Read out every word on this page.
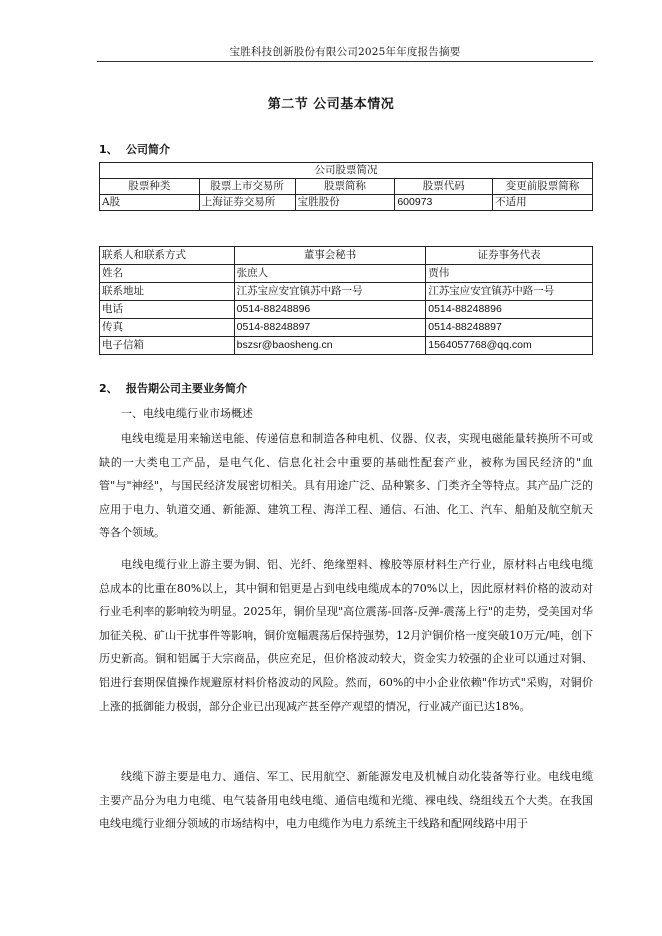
宝胜科技创新股份有限公司2025年年度报告摘要
第二节 公司基本情况
1、 公司简介
公司股票简况				
股票种类	股票上市交易所	股票简称	股票代码	变更前股票简称
A股	上海证券交易所	宝胜股份	600973	不适用
联系人和联系方式	董事会秘书	证券事务代表
姓名	张庶人	贾伟
联系地址	江苏宝应安宜镇苏中路一号	江苏宝应安宜镇苏中路一号
电话	0514-88248896	0514-88248896
传真	0514-88248897	0514-88248897
电子信箱	bszsr@baosheng.cn	1564057768@qq.com
2、 报告期公司主要业务简介
一、电线电缆行业市场概述
电线电缆是用来输送电能、传递信息和制造各种电机、仪器、仪表，实现电磁能量转换所不可或缺的一大类电工产品，是电气化、信息化社会中重要的基础性配套产业，被称为国民经济的"血管"与"神经"，与国民经济发展密切相关。具有用途广泛、品种繁多、门类齐全等特点。其产品广泛的应用于电力、轨道交通、新能源、建筑工程、海洋工程、通信、石油、化工、汽车、船舶及航空航天等各个领域。
电线电缆行业上游主要为铜、铝、光纤、绝缘塑料、橡胶等原材料生产行业，原材料占电线电缆总成本的比重在80%以上，其中铜和铝更是占到电线电缆成本的70%以上，因此原材料价格的波动对行业毛利率的影响较为明显。2025年，铜价呈现"高位震荡-回落-反弹-震荡上行"的走势，受美国对华加征关税、矿山干扰事件等影响，铜价宽幅震荡后保持强势，12月沪铜价格一度突破10万元/吨，创下历史新高。铜和铝属于大宗商品，供应充足，但价格波动较大，资金实力较强的企业可以通过对铜、铝进行套期保值操作规避原材料价格波动的风险。然而，60%的中小企业依赖"作坊式"采购，对铜价上涨的抵御能力极弱，部分企业已出现减产甚至停产观望的情况，行业减产面已达18%。
线缆下游主要是电力、通信、军工、民用航空、新能源发电及机械自动化装备等行业。电线电缆主要产品分为电力电缆、电气装备用电线电缆、通信电缆和光缆、裸电线、绕组线五个大类。在我国电线电缆行业细分领域的市场结构中，电力电缆作为电力系统主干线路和配网线路中用于
